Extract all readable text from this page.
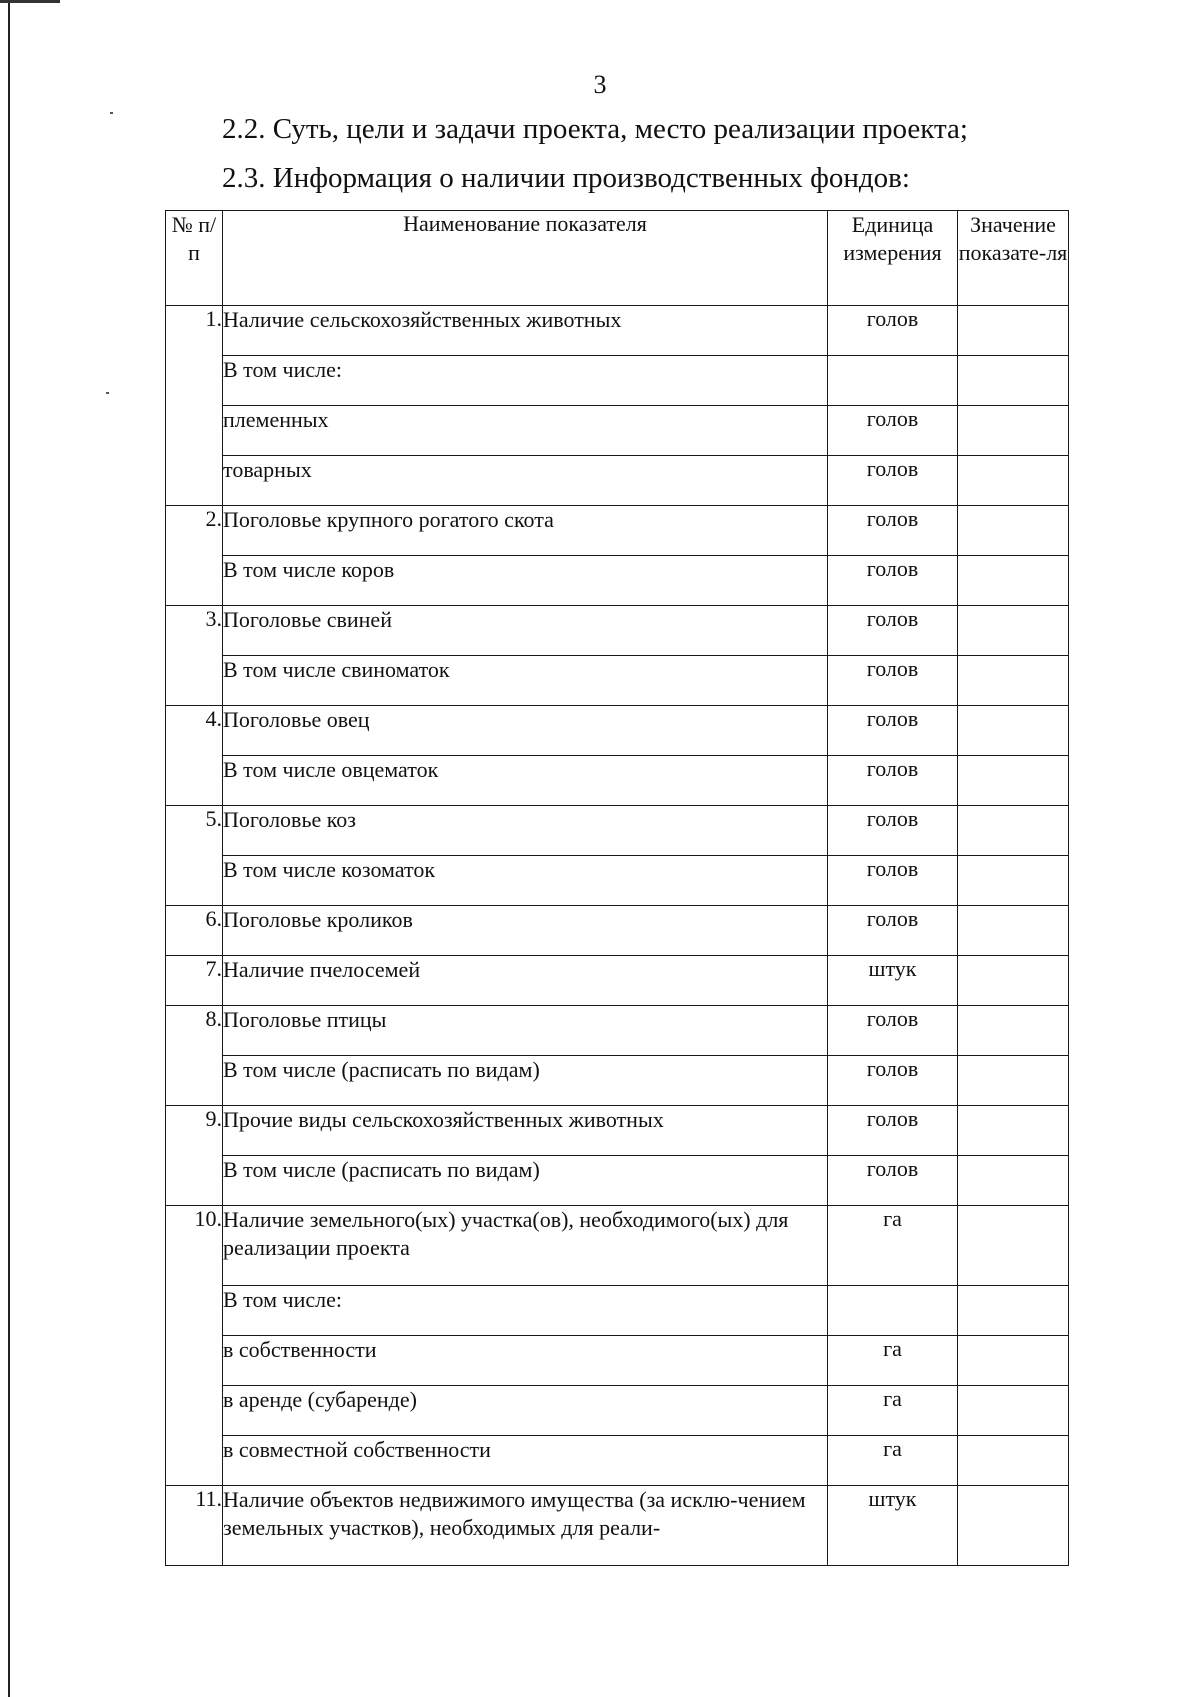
3
2.2. Суть, цели и задачи проекта, место реализации проекта;
2.3. Информация о наличии производственных фондов:
№ п/п	Наименование показателя	Единица измерения	Значение показате-ля
1.	Наличие сельскохозяйственных животных	голов	
	В том числе:		
	племенных	голов	
	товарных	голов	
2.	Поголовье крупного рогатого скота	голов	
	В том числе коров	голов	
3.	Поголовье свиней	голов	
	В том числе свиноматок	голов	
4.	Поголовье овец	голов	
	В том числе овцематок	голов	
5.	Поголовье коз	голов	
	В том числе козоматок	голов	
6.	Поголовье кроликов	голов	
7.	Наличие пчелосемей	штук	
8.	Поголовье птицы	голов	
	В том числе (расписать по видам)	голов	
9.	Прочие виды сельскохозяйственных животных	голов	
	В том числе (расписать по видам)	голов	
10.	Наличие земельного(ых) участка(ов), необходимого(ых) для реализации проекта	га	
	В том числе:		
	в собственности	га	
	в аренде (субаренде)	га	
	в совместной собственности	га	
11.	Наличие объектов недвижимого имущества (за исклю-чением земельных участков), необходимых для реали-	штук	
